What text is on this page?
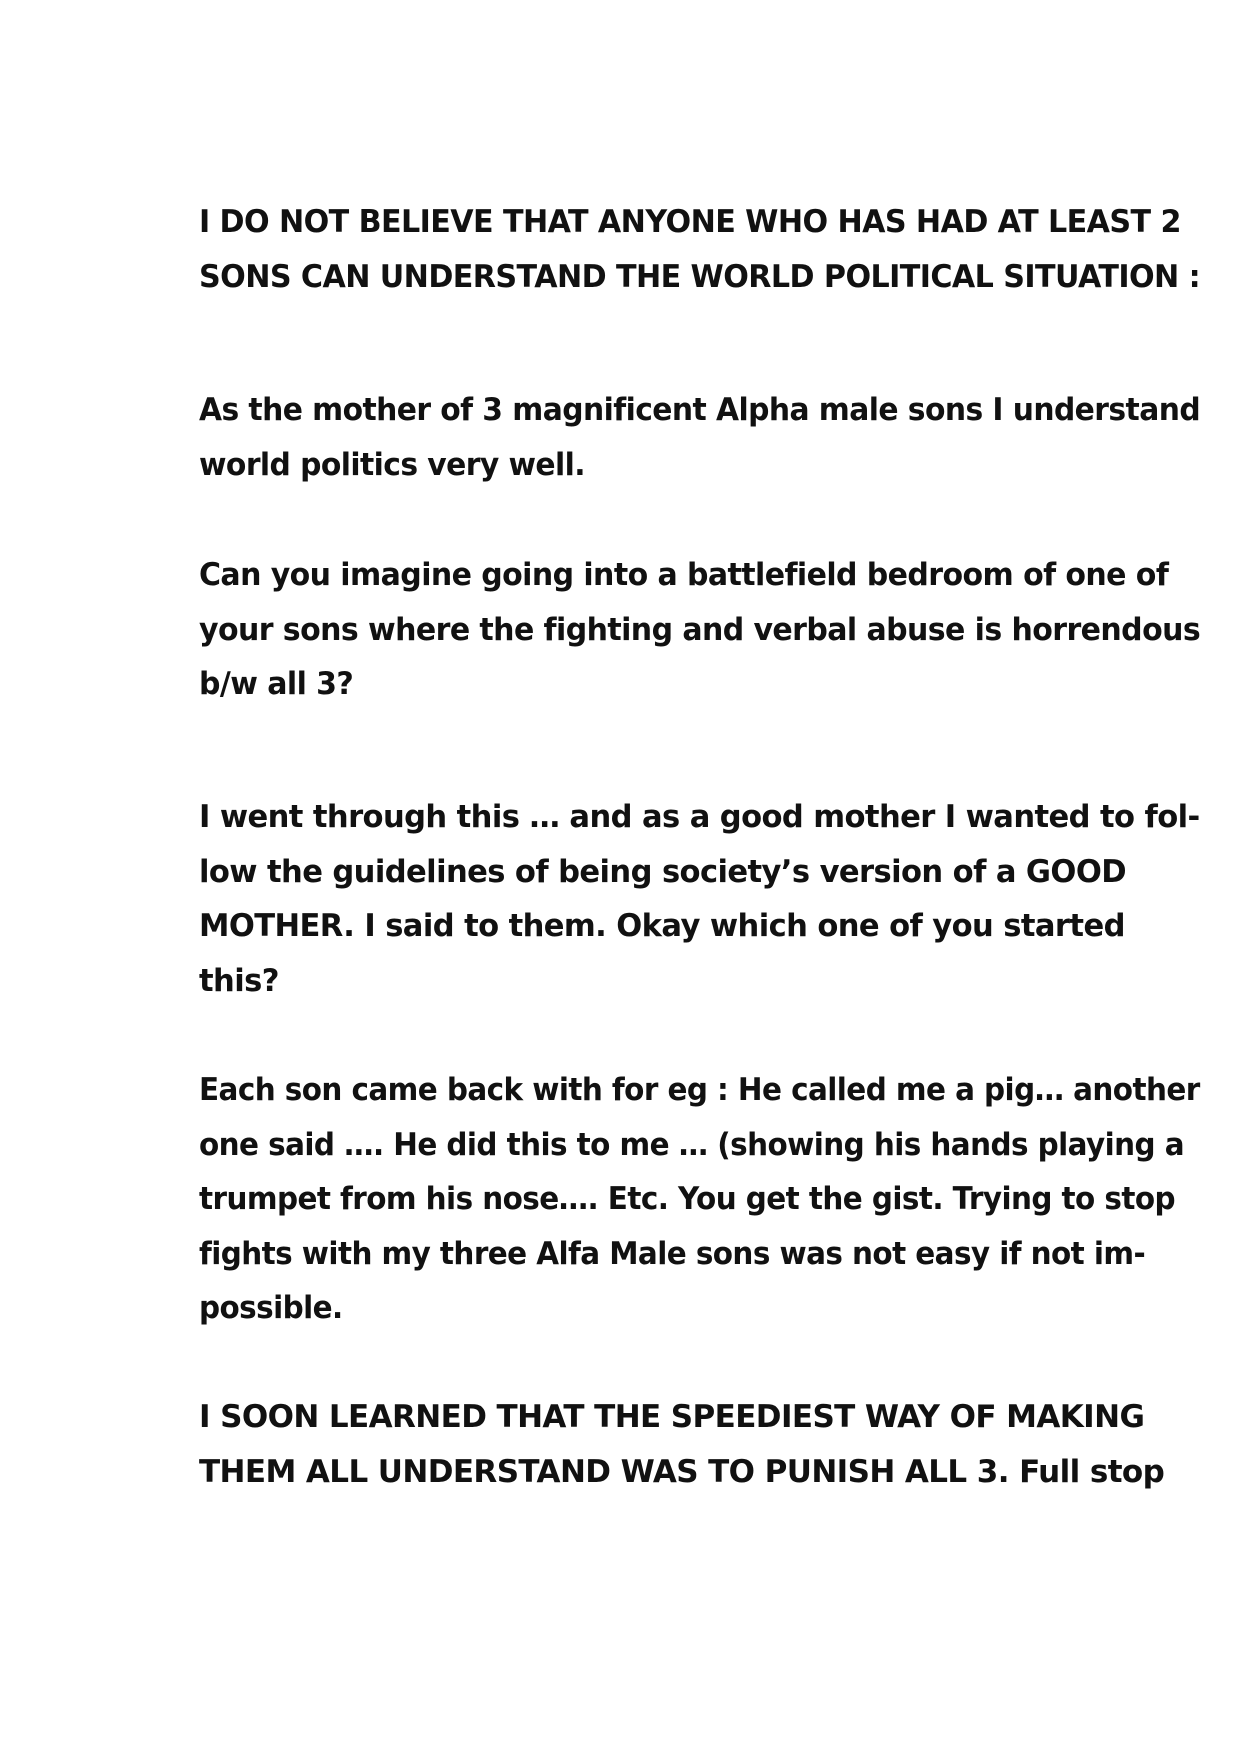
I DO NOT BELIEVE THAT ANYONE WHO HAS HAD AT LEAST 2
SONS CAN UNDERSTAND THE WORLD POLITICAL SITUATION :

As the mother of 3 magnificent Alpha male sons I understand
world politics very well.

Can you imagine going into a battlefield bedroom of one of
your sons where the fighting and verbal abuse is horrendous
b/w all 3?

I went through this … and as a good mother I wanted to fol-
low the guidelines of being society’s version of a GOOD
MOTHER. I said to them. Okay which one of you started
this?

Each son came back with for eg : He called me a pig… another
one said …. He did this to me … (showing his hands playing a
trumpet from his nose…. Etc. You get the gist. Trying to stop
fights with my three Alfa Male sons was not easy if not im-
possible.

I SOON LEARNED THAT THE SPEEDIEST WAY OF MAKING
THEM ALL UNDERSTAND WAS TO PUNISH ALL 3. Full stop
